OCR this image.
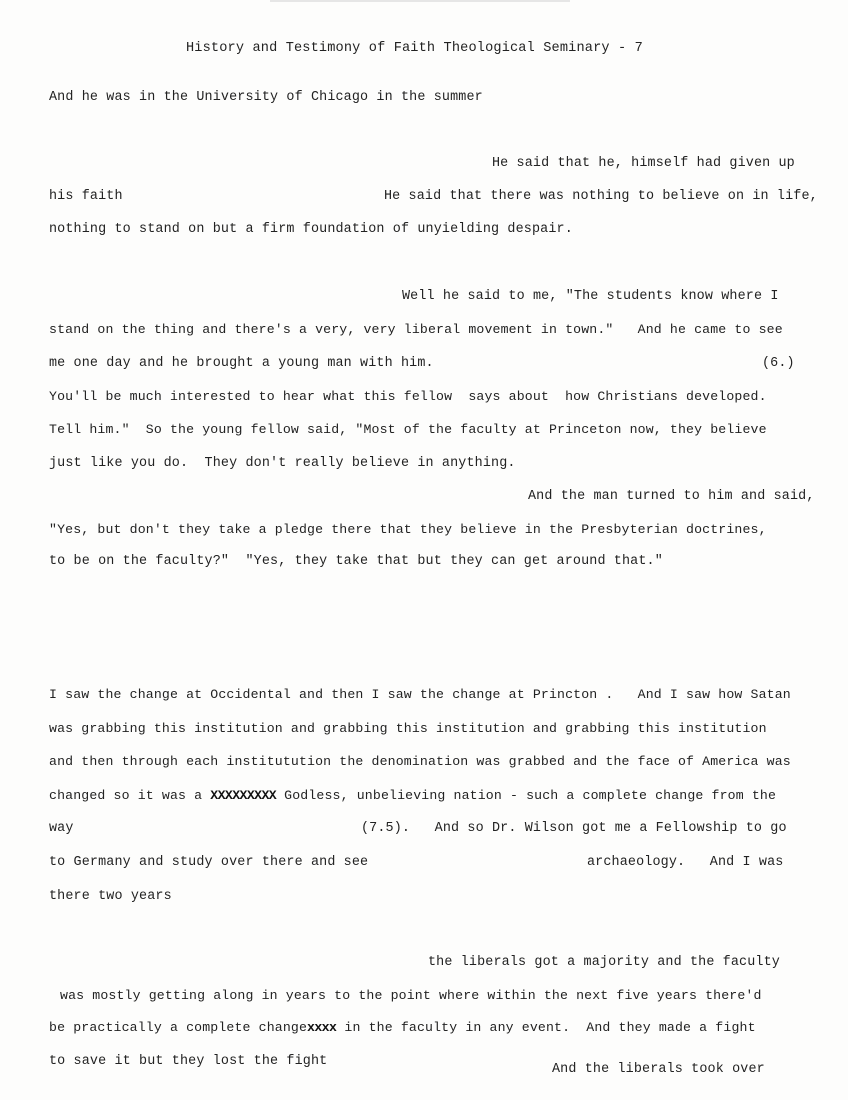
History and Testimony of Faith Theological Seminary - 7
And he was in the University of Chicago in the summer
He said that he, himself had given up
his faith	He said that there was nothing to believe on in life,
nothing to stand on but a firm foundation of unyielding despair.
Well he said to me, "The students know where I
stand on the thing and there's a very, very liberal movement in town."   And he came to see
me one day and he brought a young man with him.	(6.)
You'll be much interested to hear what this fellow  says about  how Christians developed.
Tell him."  So the young fellow said, "Most of the faculty at Princeton now, they believe
just like you do.  They don't really believe in anything.
And the man turned to him and said,
"Yes, but don't they take a pledge there that they believe in the Presbyterian doctrines,
to be on the faculty?"  "Yes, they take that but they can get around that."
I saw the change at Occidental and then I saw the change at Princton .   And I saw how Satan
was grabbing this institution and grabbing this institution and grabbing this institution
and then through each institutution the denomination was grabbed and the face of America was
changed so it was a XXXXXXXXX Godless, unbelieving nation - such a complete change from the
way	(7.5).   And so Dr. Wilson got me a Fellowship to go
to Germany and study over there and see	archaeology.   And I was
there two years
the liberals got a majority and the faculty
was mostly getting along in years to the point where within the next five years there'd
be practically a complete changexxxx in the faculty in any event.  And they made a fight
to save it but they lost the fight
And the liberals took over
